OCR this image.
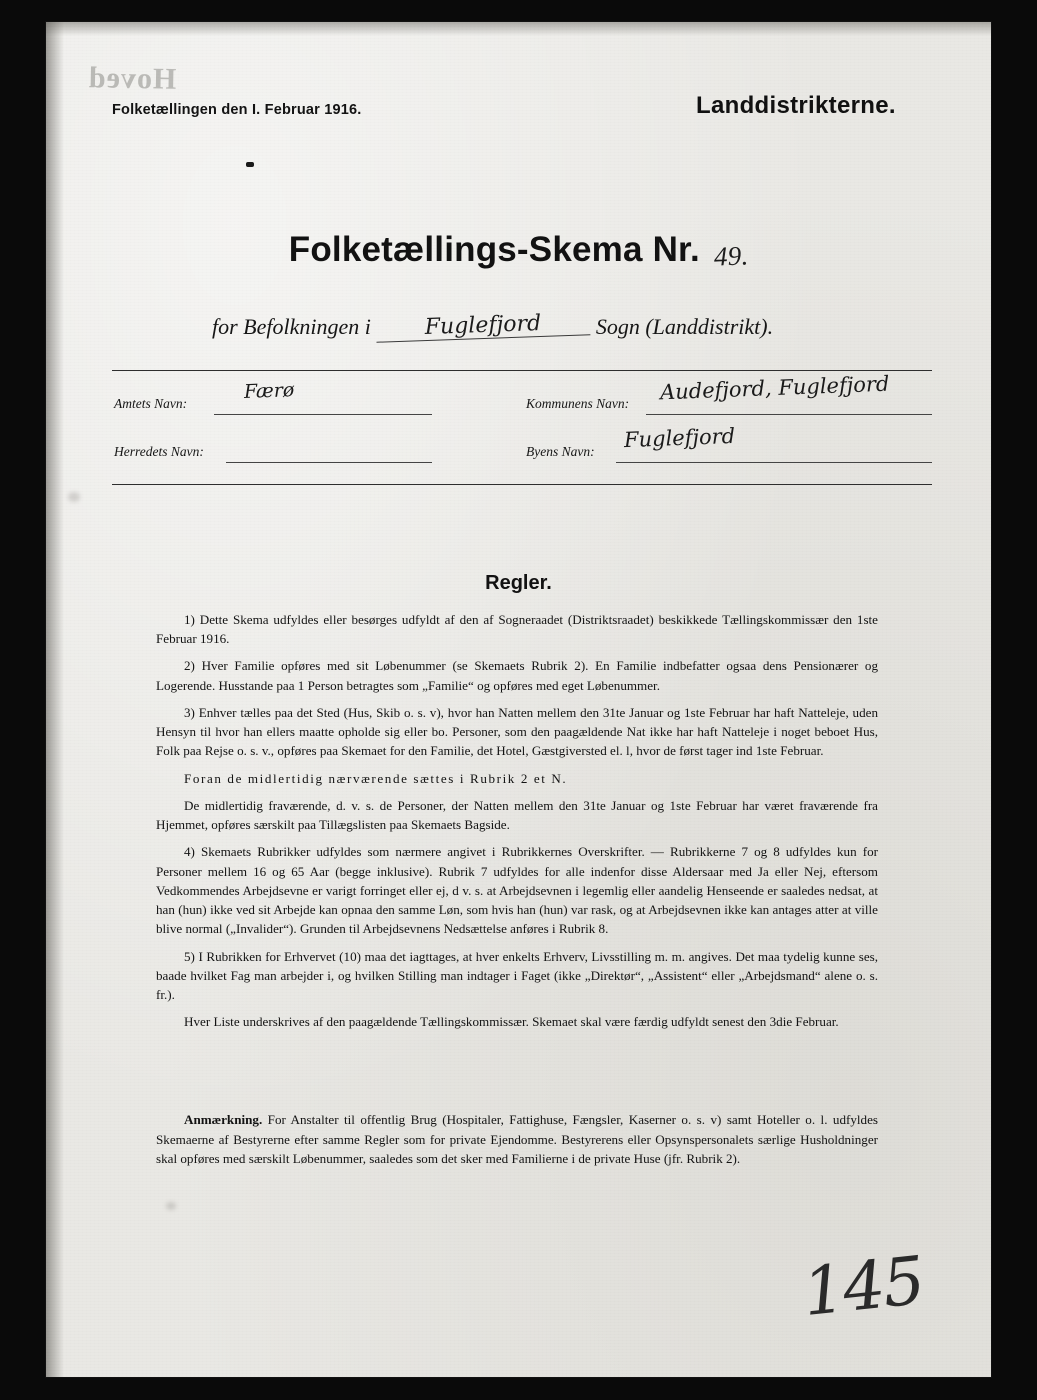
Hoved
Folketællingen den I. Februar 1916.	Landdistrikterne.
Folketællings-Skema Nr. 49.
for Befolkningen i Fuglefjord Sogn (Landdistrikt).
Amtets Navn:
Færø
Herredets Navn:
Kommunens Navn: Audefjord, Fuglefjord
Byens Navn: Fuglefjord
Regler.

1) Dette Skema udfyldes eller besørges udfyldt af den af Sogneraadet (Distriktsraadet) beskikkede Tællingskommissær den 1ste Februar 1916.

2) Hver Familie opføres med sit Løbenummer (se Skemaets Rubrik 2). En Familie indbefatter ogsaa dens Pensionærer og Logerende. Husstande paa 1 Person betragtes som „Familie“ og opføres med eget Løbenummer.

3) Enhver tælles paa det Sted (Hus, Skib o. s. v), hvor han Natten mellem den 31te Januar og 1ste Februar har haft Natteleje, uden Hensyn til hvor han ellers maatte opholde sig eller bo. Personer, som den paagældende Nat ikke har haft Natteleje i noget beboet Hus, Folk paa Rejse o. s. v., opføres paa Skemaet for den Familie, det Hotel, Gæstgiversted el. l, hvor de først tager ind 1ste Februar.

Foran de midlertidig nærværende sættes i Rubrik 2 et N.

De midlertidig fraværende, d. v. s. de Personer, der Natten mellem den 31te Januar og 1ste Februar har været fraværende fra Hjemmet, opføres særskilt paa Tillægslisten paa Skemaets Bagside.

4) Skemaets Rubrikker udfyldes som nærmere angivet i Rubrikkernes Overskrifter. — Rubrikkerne 7 og 8 udfyldes kun for Personer mellem 16 og 65 Aar (begge inklusive). Rubrik 7 udfyldes for alle indenfor disse Aldersaar med Ja eller Nej, eftersom Vedkommendes Arbejdsevne er varigt forringet eller ej, d v. s. at Arbejdsevnen i legemlig eller aandelig Henseende er saaledes nedsat, at han (hun) ikke ved sit Arbejde kan opnaa den samme Løn, som hvis han (hun) var rask, og at Arbejdsevnen ikke kan antages atter at ville blive normal („Invalider“). Grunden til Arbejdsevnens Nedsættelse anføres i Rubrik 8.

5) I Rubrikken for Erhvervet (10) maa det iagttages, at hver enkelts Erhverv, Livsstilling m. m. angives. Det maa tydelig kunne ses, baade hvilket Fag man arbejder i, og hvilken Stilling man indtager i Faget (ikke „Direktør“, „Assistent“ eller „Arbejdsmand“ alene o. s. fr.).

Hver Liste underskrives af den paagældende Tællingskommissær. Skemaet skal være færdig udfyldt senest den 3die Februar.

Anmærkning. For Anstalter til offentlig Brug (Hospitaler, Fattighuse, Fængsler, Kaserner o. s. v) samt Hoteller o. l. udfyldes Skemaerne af Bestyrerne efter samme Regler som for private Ejendomme. Bestyrerens eller Opsynspersonalets særlige Husholdninger skal opføres med særskilt Løbenummer, saaledes som det sker med Familierne i de private Huse (jfr. Rubrik 2).

145
